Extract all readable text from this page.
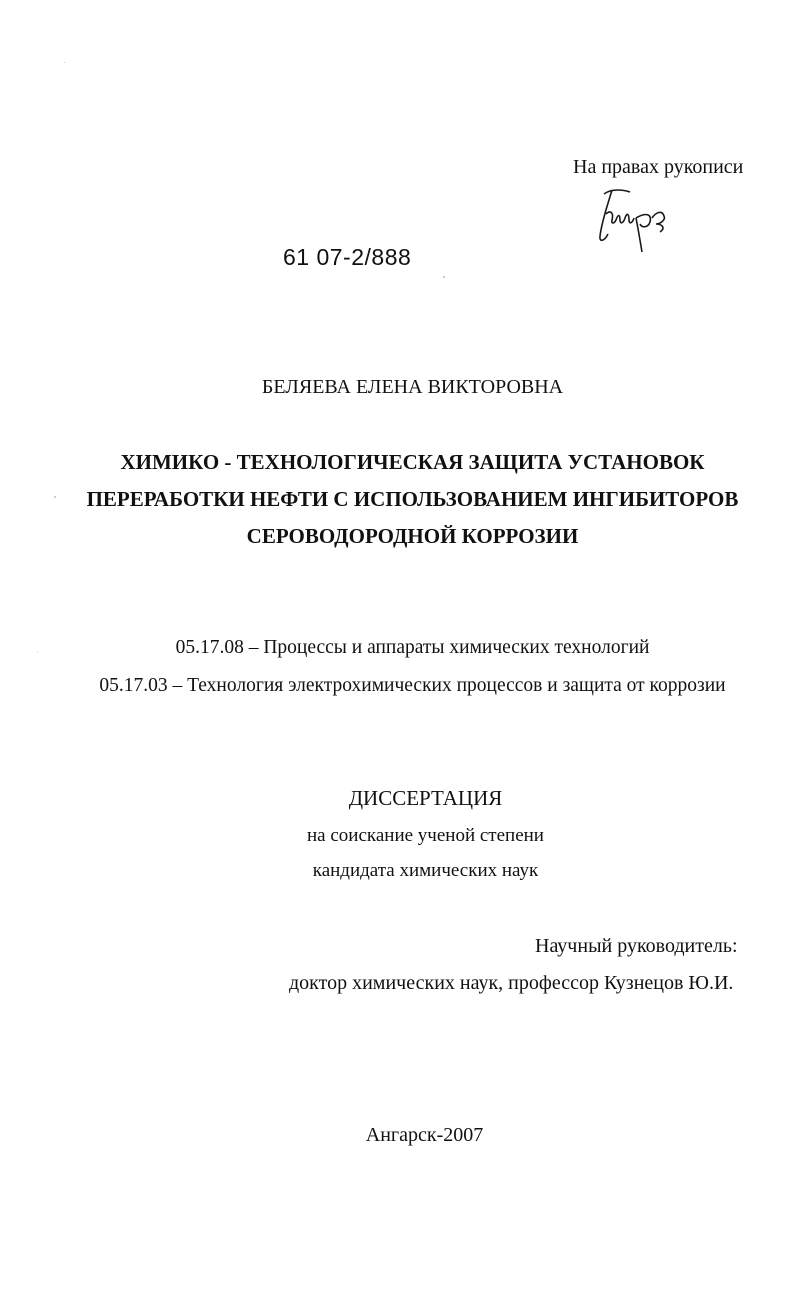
На правах рукописи
61 07-2/888
БЕЛЯЕВА ЕЛЕНА ВИКТОРОВНА
ХИМИКО - ТЕХНОЛОГИЧЕСКАЯ ЗАЩИТА УСТАНОВОК
ПЕРЕРАБОТКИ НЕФТИ С ИСПОЛЬЗОВАНИЕМ ИНГИБИТОРОВ
СЕРОВОДОРОДНОЙ КОРРОЗИИ
05.17.08 – Процессы и аппараты химических технологий
05.17.03 – Технология электрохимических процессов и защита от коррозии
ДИССЕРТАЦИЯ
на соискание ученой степени
кандидата химических наук
Научный руководитель:
доктор химических наук, профессор Кузнецов Ю.И.
Ангарск-2007
